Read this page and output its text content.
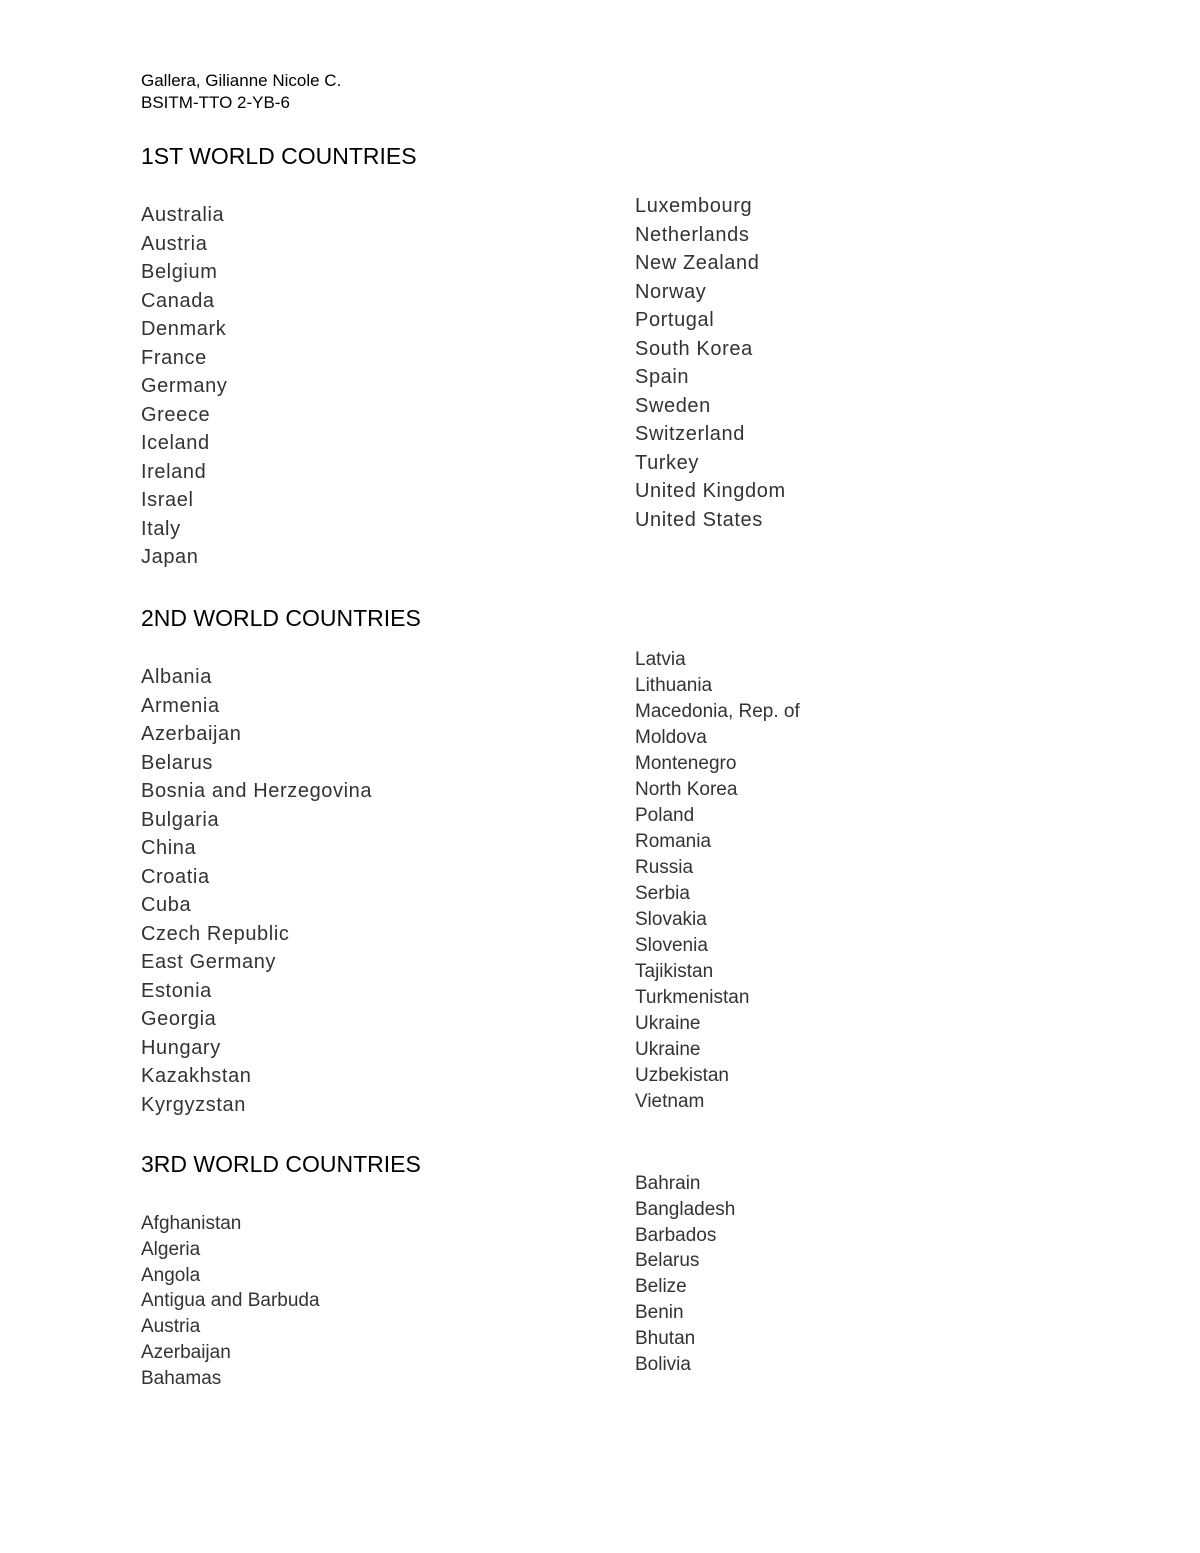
Gallera, Gilianne Nicole C.
BSITM-TTO 2-YB-6
1ST WORLD COUNTRIES
Australia
Austria
Belgium
Canada
Denmark
France
Germany
Greece
Iceland
Ireland
Israel
Italy
Japan
Luxembourg
Netherlands
New Zealand
Norway
Portugal
South Korea
Spain
Sweden
Switzerland
Turkey
United Kingdom
United States
2ND WORLD COUNTRIES
Albania
Armenia
Azerbaijan
Belarus
Bosnia and Herzegovina
Bulgaria
China
Croatia
Cuba
Czech Republic
East Germany
Estonia
Georgia
Hungary
Kazakhstan
Kyrgyzstan
Latvia
Lithuania
Macedonia, Rep. of
Moldova
Montenegro
North Korea
Poland
Romania
Russia
Serbia
Slovakia
Slovenia
Tajikistan
Turkmenistan
Ukraine
Ukraine
Uzbekistan
Vietnam
3RD WORLD COUNTRIES
Afghanistan
Algeria
Angola
Antigua and Barbuda
Austria
Azerbaijan
Bahamas
Bahrain
Bangladesh
Barbados
Belarus
Belize
Benin
Bhutan
Bolivia
